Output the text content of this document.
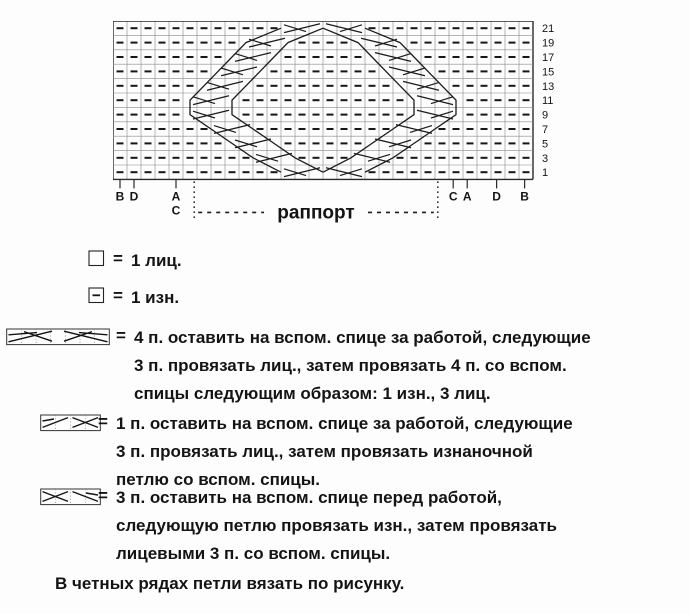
21
19
17
15
13
11
9
7
5
3
1
B D	A
C
C A D B
раппорт
= 1 лиц.
= 1 изн.
= 4 п. оставить на вспом. спице за работой, следующие
3 п. провязать лиц., затем провязать 4 п. со вспом.
спицы следующим образом: 1 изн., 3 лиц.
= 1 п. оставить на вспом. спице за работой, следующие
3 п. провязать лиц., затем провязать изнаночной
петлю со вспом. спицы.
= 3 п. оставить на вспом. спице перед работой,
следующую петлю провязать изн., затем провязать
лицевыми 3 п. со вспом. спицы.
В четных рядах петли вязать по рисунку.
